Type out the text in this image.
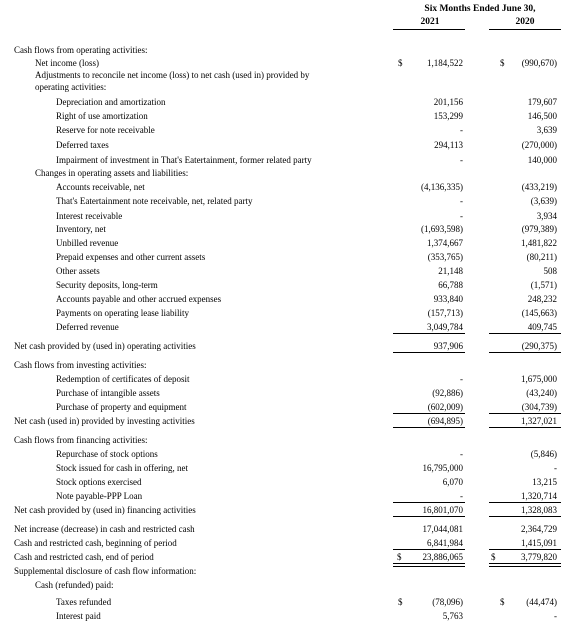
Six Months Ended June 30,
2021	2020
Cash flows from operating activities:
Net income (loss)	$	1,184,522	$ (990,670)
Adjustments to reconcile net income (loss) to net cash (used in) provided by
operating activities:
Depreciation and amortization	201,156	179,607
Right of use amortization	153,299	146,500
Reserve for note receivable	-	3,639
Deferred taxes	294,113	(270,000)
Impairment of investment in That's Eatertainment, former related party	-	140,000
Changes in operating assets and liabilities:
Accounts receivable, net	(4,136,335)	(433,219)
That's Eatertainment note receivable, net, related party	-	(3,639)
Interest receivable	-	3,934
Inventory, net	(1,693,598)	(979,389)
Unbilled revenue	1,374,667	1,481,822
Prepaid expenses and other current assets	(353,765)	(80,211)
Other assets	21,148	508
Security deposits, long-term	66,788	(1,571)
Accounts payable and other accrued expenses	933,840	248,232
Payments on operating lease liability	(157,713)	(145,663)
Deferred revenue	3,049,784	409,745
Net cash provided by (used in) operating activities	937,906	(290,375)
Cash flows from investing activities:
Redemption of certificates of deposit	-	1,675,000
Purchase of intangible assets	(92,886)	(43,240)
Purchase of property and equipment	(602,009)	(304,739)
Net cash (used in) provided by investing activities	(694,895)	1,327,021
Cash flows from financing activities:
Repurchase of stock options	-	(5,846)
Stock issued for cash in offering, net	16,795,000	-
Stock options exercised	6,070	13,215
Note payable-PPP Loan	-	1,320,714
Net cash provided by (used in) financing activities	16,801,070	1,328,083
Net increase (decrease) in cash and restricted cash	17,044,081	2,364,729
Cash and restricted cash, beginning of period	6,841,984	1,415,091
Cash and restricted cash, end of period	$ 23,886,065	$	3,779,820
Supplemental disclosure of cash flow information:
Cash (refunded) paid:
Taxes refunded	$	(78,096)	$ (44,474)
Interest paid	5,763	-
